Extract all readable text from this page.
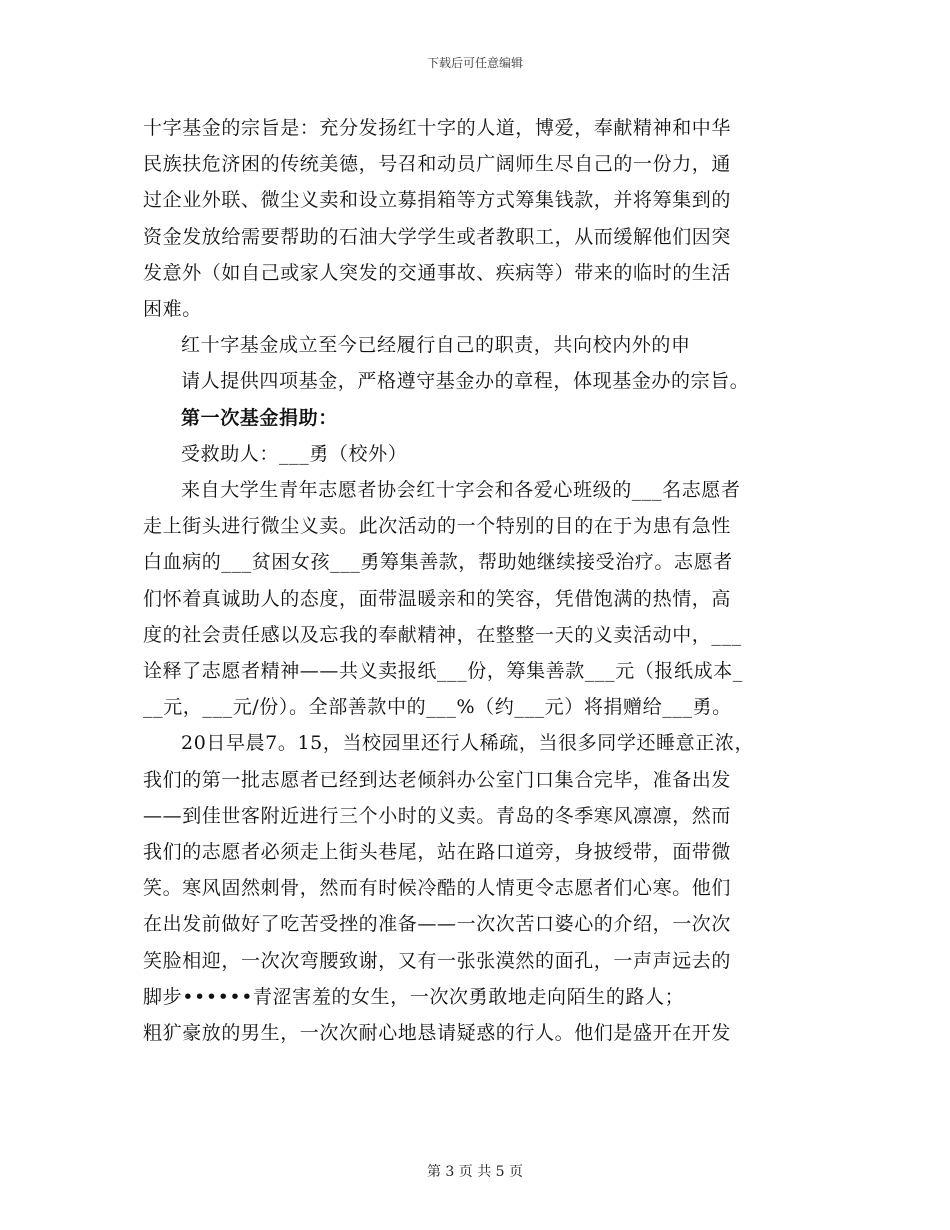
下载后可任意编辑

十字基金的宗旨是：充分发扬红十字的人道，博爱，奉献精神和中华
民族扶危济困的传统美德，号召和动员广阔师生尽自己的一份力，通
过企业外联、微尘义卖和设立募捐箱等方式筹集钱款，并将筹集到的
资金发放给需要帮助的石油大学学生或者教职工，从而缓解他们因突
发意外（如自己或家人突发的交通事故、疾病等）带来的临时的生活
困难。

红十字基金成立至今已经履行自己的职责，共向校内外的申
请人提供四项基金，严格遵守基金办的章程，体现基金办的宗旨。

第一次基金捐助：

受救助人：___勇（校外）

来自大学生青年志愿者协会红十字会和各爱心班级的___名志愿者
走上街头进行微尘义卖。此次活动的一个特别的目的在于为患有急性
白血病的___贫困女孩___勇筹集善款，帮助她继续接受治疗。志愿者
们怀着真诚助人的态度，面带温暖亲和的笑容，凭借饱满的热情，高
度的社会责任感以及忘我的奉献精神，在整整一天的义卖活动中，___
诠释了志愿者精神——共义卖报纸___份，筹集善款___元（报纸成本_
__元，___元/份）。全部善款中的___%（约___元）将捐赠给___勇。

20日早晨7。15，当校园里还行人稀疏，当很多同学还睡意正浓，
我们的第一批志愿者已经到达老倾斜办公室门口集合完毕，准备出发
——到佳世客附近进行三个小时的义卖。青岛的冬季寒风凛凛，然而
我们的志愿者必须走上街头巷尾，站在路口道旁，身披绶带，面带微
笑。寒风固然刺骨，然而有时候冷酷的人情更令志愿者们心寒。他们
在出发前做好了吃苦受挫的准备——一次次苦口婆心的介绍，一次次
笑脸相迎，一次次弯腰致谢，又有一张张漠然的面孔，一声声远去的
脚步••••••青涩害羞的女生，一次次勇敢地走向陌生的路人；
粗犷豪放的男生，一次次耐心地恳请疑惑的行人。他们是盛开在开发

第 3 页 共 5 页
